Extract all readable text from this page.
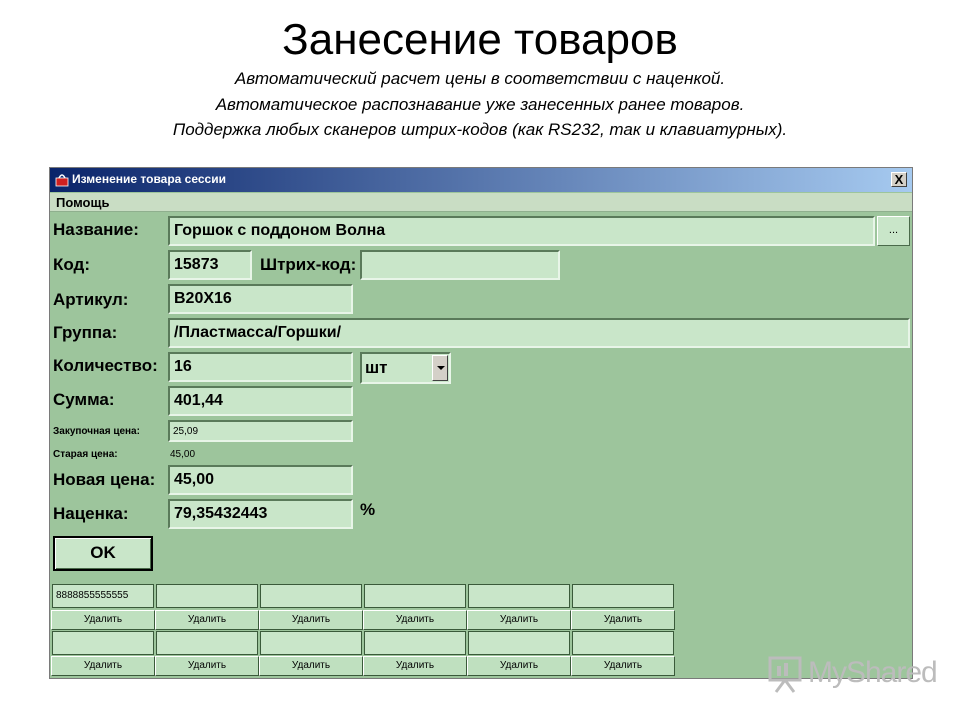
Занесение товаров
Автоматический расчет цены в соответствии с наценкой.
Автоматическое распознавание уже занесенных ранее товаров.
Поддержка любых сканеров штрих-кодов (как RS232, так и клавиатурных).
Изменение товара сессии	X
Помощь
Название:	Горшок с поддоном Волна	...
Код:	15873	Штрих-код:
Артикул:	B20X16
Группа:	/Пластмасса/Горшки/
Количество:	16	шт
Сумма:	401,44
Закупочная цена:	25,09
Старая цена:	45,00
Новая цена:	45,00
Наценка:	79,35432443	%
OK
8888855555555
Удалить	Удалить	Удалить	Удалить	Удалить	Удалить
Удалить	Удалить	Удалить	Удалить	Удалить	Удалить	MyShared
